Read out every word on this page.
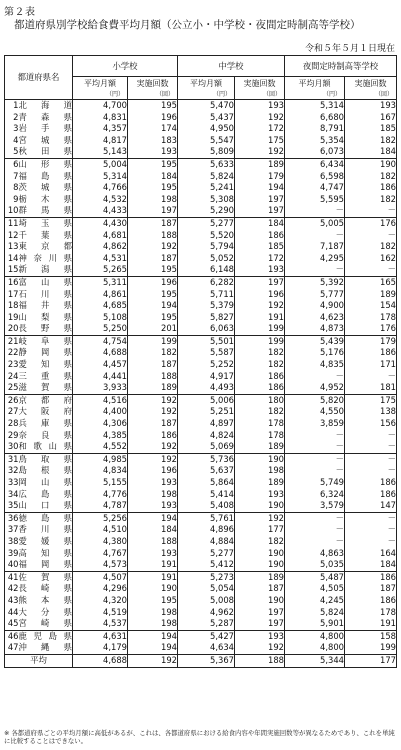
第２表
都道府県別学校給食費平均月額（公立小・中学校・夜間定時制高等学校）
令和５年５月１日現在
都道府県名		小学校		中学校		夜間定時制高等学校	
		平均月額	実施回数	平均月額	実施回数	平均月額	実施回数
		（円）	（回）	（円）	（回）	（円）	（回）
1	北海道	4,700	195	5,470	193	5,314	193
2	青森県	4,831	196	5,437	192	6,680	167
3	岩手県	4,357	174	4,950	172	8,791	185
4	宮城県	4,817	183	5,547	175	5,354	182
5	秋田県	5,143	193	5,809	192	6,073	184
6	山形県	5,004	195	5,633	189	6,434	190
7	福島県	5,314	184	5,824	179	6,598	182
8	茨城県	4,766	195	5,241	194	4,747	186
9	栃木県	4,532	198	5,308	197	5,595	182
10	群馬県	4,433	197	5,290	197	－	－
11	埼玉県	4,430	187	5,277	184	5,005	176
12	千葉県	4,681	188	5,520	186	－	－
13	東京都	4,862	192	5,794	185	7,187	182
14	神奈川県	4,531	187	5,052	172	4,295	162
15	新潟県	5,265	195	6,148	193	－	－
16	富山県	5,311	196	6,282	197	5,392	165
17	石川県	4,861	195	5,711	196	5,777	189
18	福井県	4,685	194	5,379	192	4,900	154
19	山梨県	5,108	195	5,827	191	4,623	178
20	長野県	5,250	201	6,063	199	4,873	176
21	岐阜県	4,754	199	5,501	199	5,439	179
22	静岡県	4,688	182	5,587	182	5,176	186
23	愛知県	4,457	187	5,252	182	4,835	171
24	三重県	4,441	188	4,917	186	－	－
25	滋賀県	3,933	189	4,493	186	4,952	181
26	京都府	4,516	192	5,006	180	5,820	175
27	大阪府	4,400	192	5,251	182	4,550	138
28	兵庫県	4,306	187	4,897	178	3,859	156
29	奈良県	4,385	186	4,824	178	－	－
30	和歌山県	4,552	192	5,069	189	－	－
31	鳥取県	4,985	192	5,736	190	－	－
32	島根県	4,834	196	5,637	198	－	－
33	岡山県	5,155	193	5,864	189	5,749	186
34	広島県	4,776	198	5,414	193	6,324	186
35	山口県	4,787	193	5,408	190	3,579	147
36	徳島県	5,256	194	5,761	192	－	－
37	香川県	4,510	184	4,896	177	－	－
38	愛媛県	4,380	188	4,884	182	－	－
39	高知県	4,767	193	5,277	190	4,863	164
40	福岡県	4,573	191	5,412	190	5,035	184
41	佐賀県	4,507	191	5,273	189	5,487	186
42	長崎県	4,296	190	5,054	187	4,505	187
43	熊本県	4,320	195	5,008	190	4,245	186
44	大分県	4,519	198	4,962	197	5,824	178
45	宮崎県	4,537	198	5,287	197	5,901	191
46	鹿児島県	4,631	194	5,427	193	4,800	158
47	沖縄県	4,179	194	4,634	192	4,800	199
平均		4,688	192	5,367	188	5,344	177
※ 各都道府県ごとの平均月額に高低があるが、これは、各都道府県における給食内容や年間実施回数等が異なるためであり、これを単純に比較することはできない。
